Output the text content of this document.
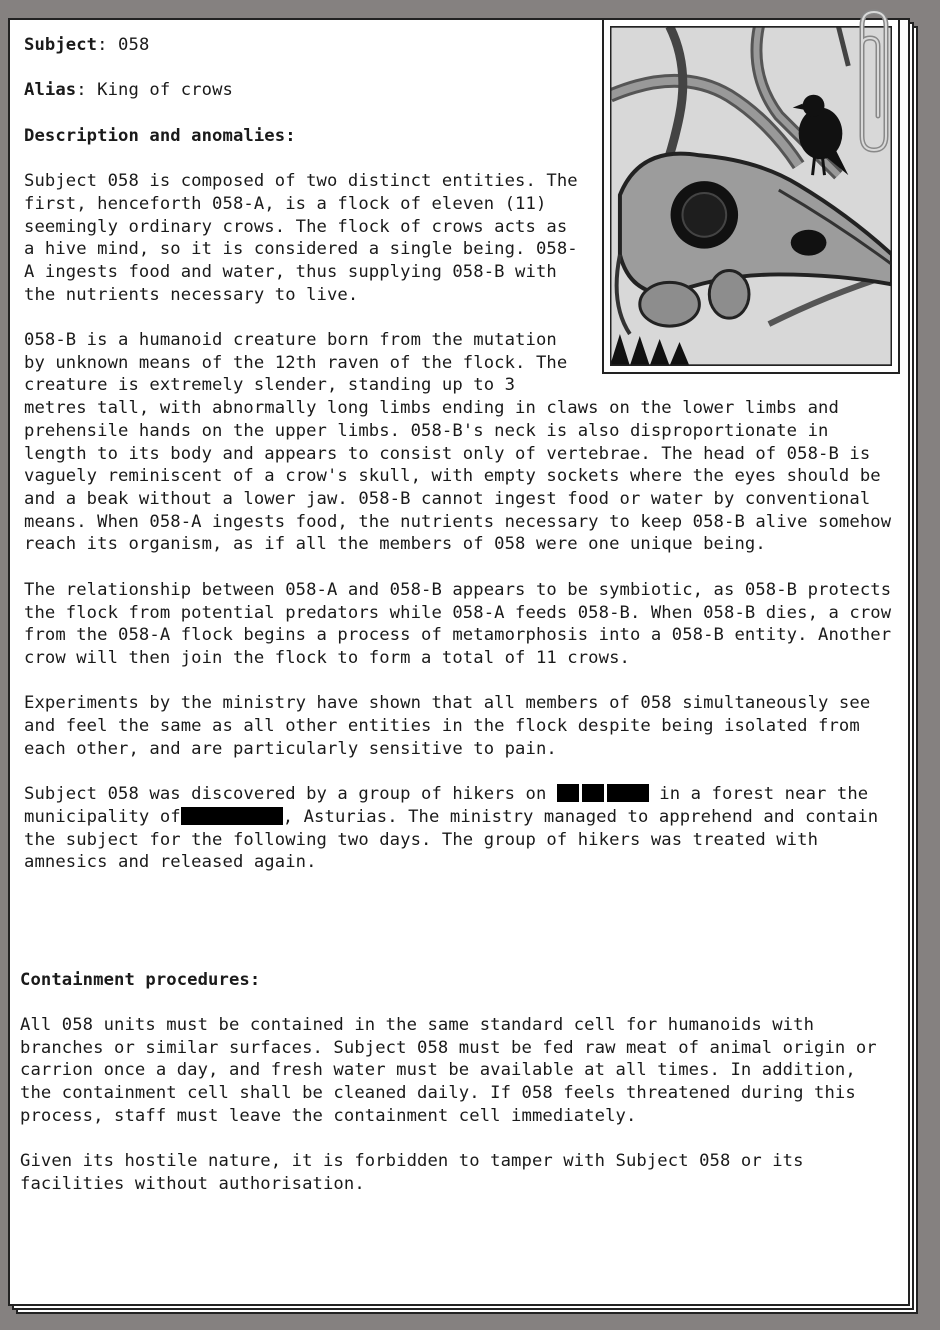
Subject: 058

Alias: King of crows

Description and anomalies:

Subject 058 is composed of two distinct entities. The first, henceforth 058-A, is a flock of eleven (11) seemingly ordinary crows. The flock of crows acts as a hive mind, so it is considered a single being. 058-A ingests food and water, thus supplying 058-B with the nutrients necessary to live.

058-B is a humanoid creature born from the mutation by unknown means of the 12th raven of the flock. The creature is extremely slender, standing up to 3 metres tall, with abnormally long limbs ending in claws on the lower limbs and prehensile hands on the upper limbs. 058-B's neck is also disproportionate in length to its body and appears to consist only of vertebrae. The head of 058-B is vaguely reminiscent of a crow's skull, with empty sockets where the eyes should be and a beak without a lower jaw. 058-B cannot ingest food or water by conventional means. When 058-A ingests food, the nutrients necessary to keep 058-B alive somehow reach its organism, as if all the members of 058 were one unique being.

The relationship between 058-A and 058-B appears to be symbiotic, as 058-B protects the flock from potential predators while 058-A feeds 058-B. When 058-B dies, a crow from the 058-A flock begins a process of metamorphosis into a 058-B entity. Another crow will then join the flock to form a total of 11 crows.

Experiments by the ministry have shown that all members of 058 simultaneously see and feel the same as all other entities in the flock despite being isolated from each other, and are particularly sensitive to pain.

Subject 058 was discovered by a group of hikers on	in a forest near the municipality of	, Asturias. The ministry managed to apprehend and contain the subject for the following two days. The group of hikers was treated with amnesics and released again.

Containment procedures:

All 058 units must be contained in the same standard cell for humanoids with branches or similar surfaces. Subject 058 must be fed raw meat of animal origin or carrion once a day, and fresh water must be available at all times. In addition, the containment cell shall be cleaned daily. If 058 feels threatened during this process, staff must leave the containment cell immediately.

Given its hostile nature, it is forbidden to tamper with Subject 058 or its facilities without authorisation.
